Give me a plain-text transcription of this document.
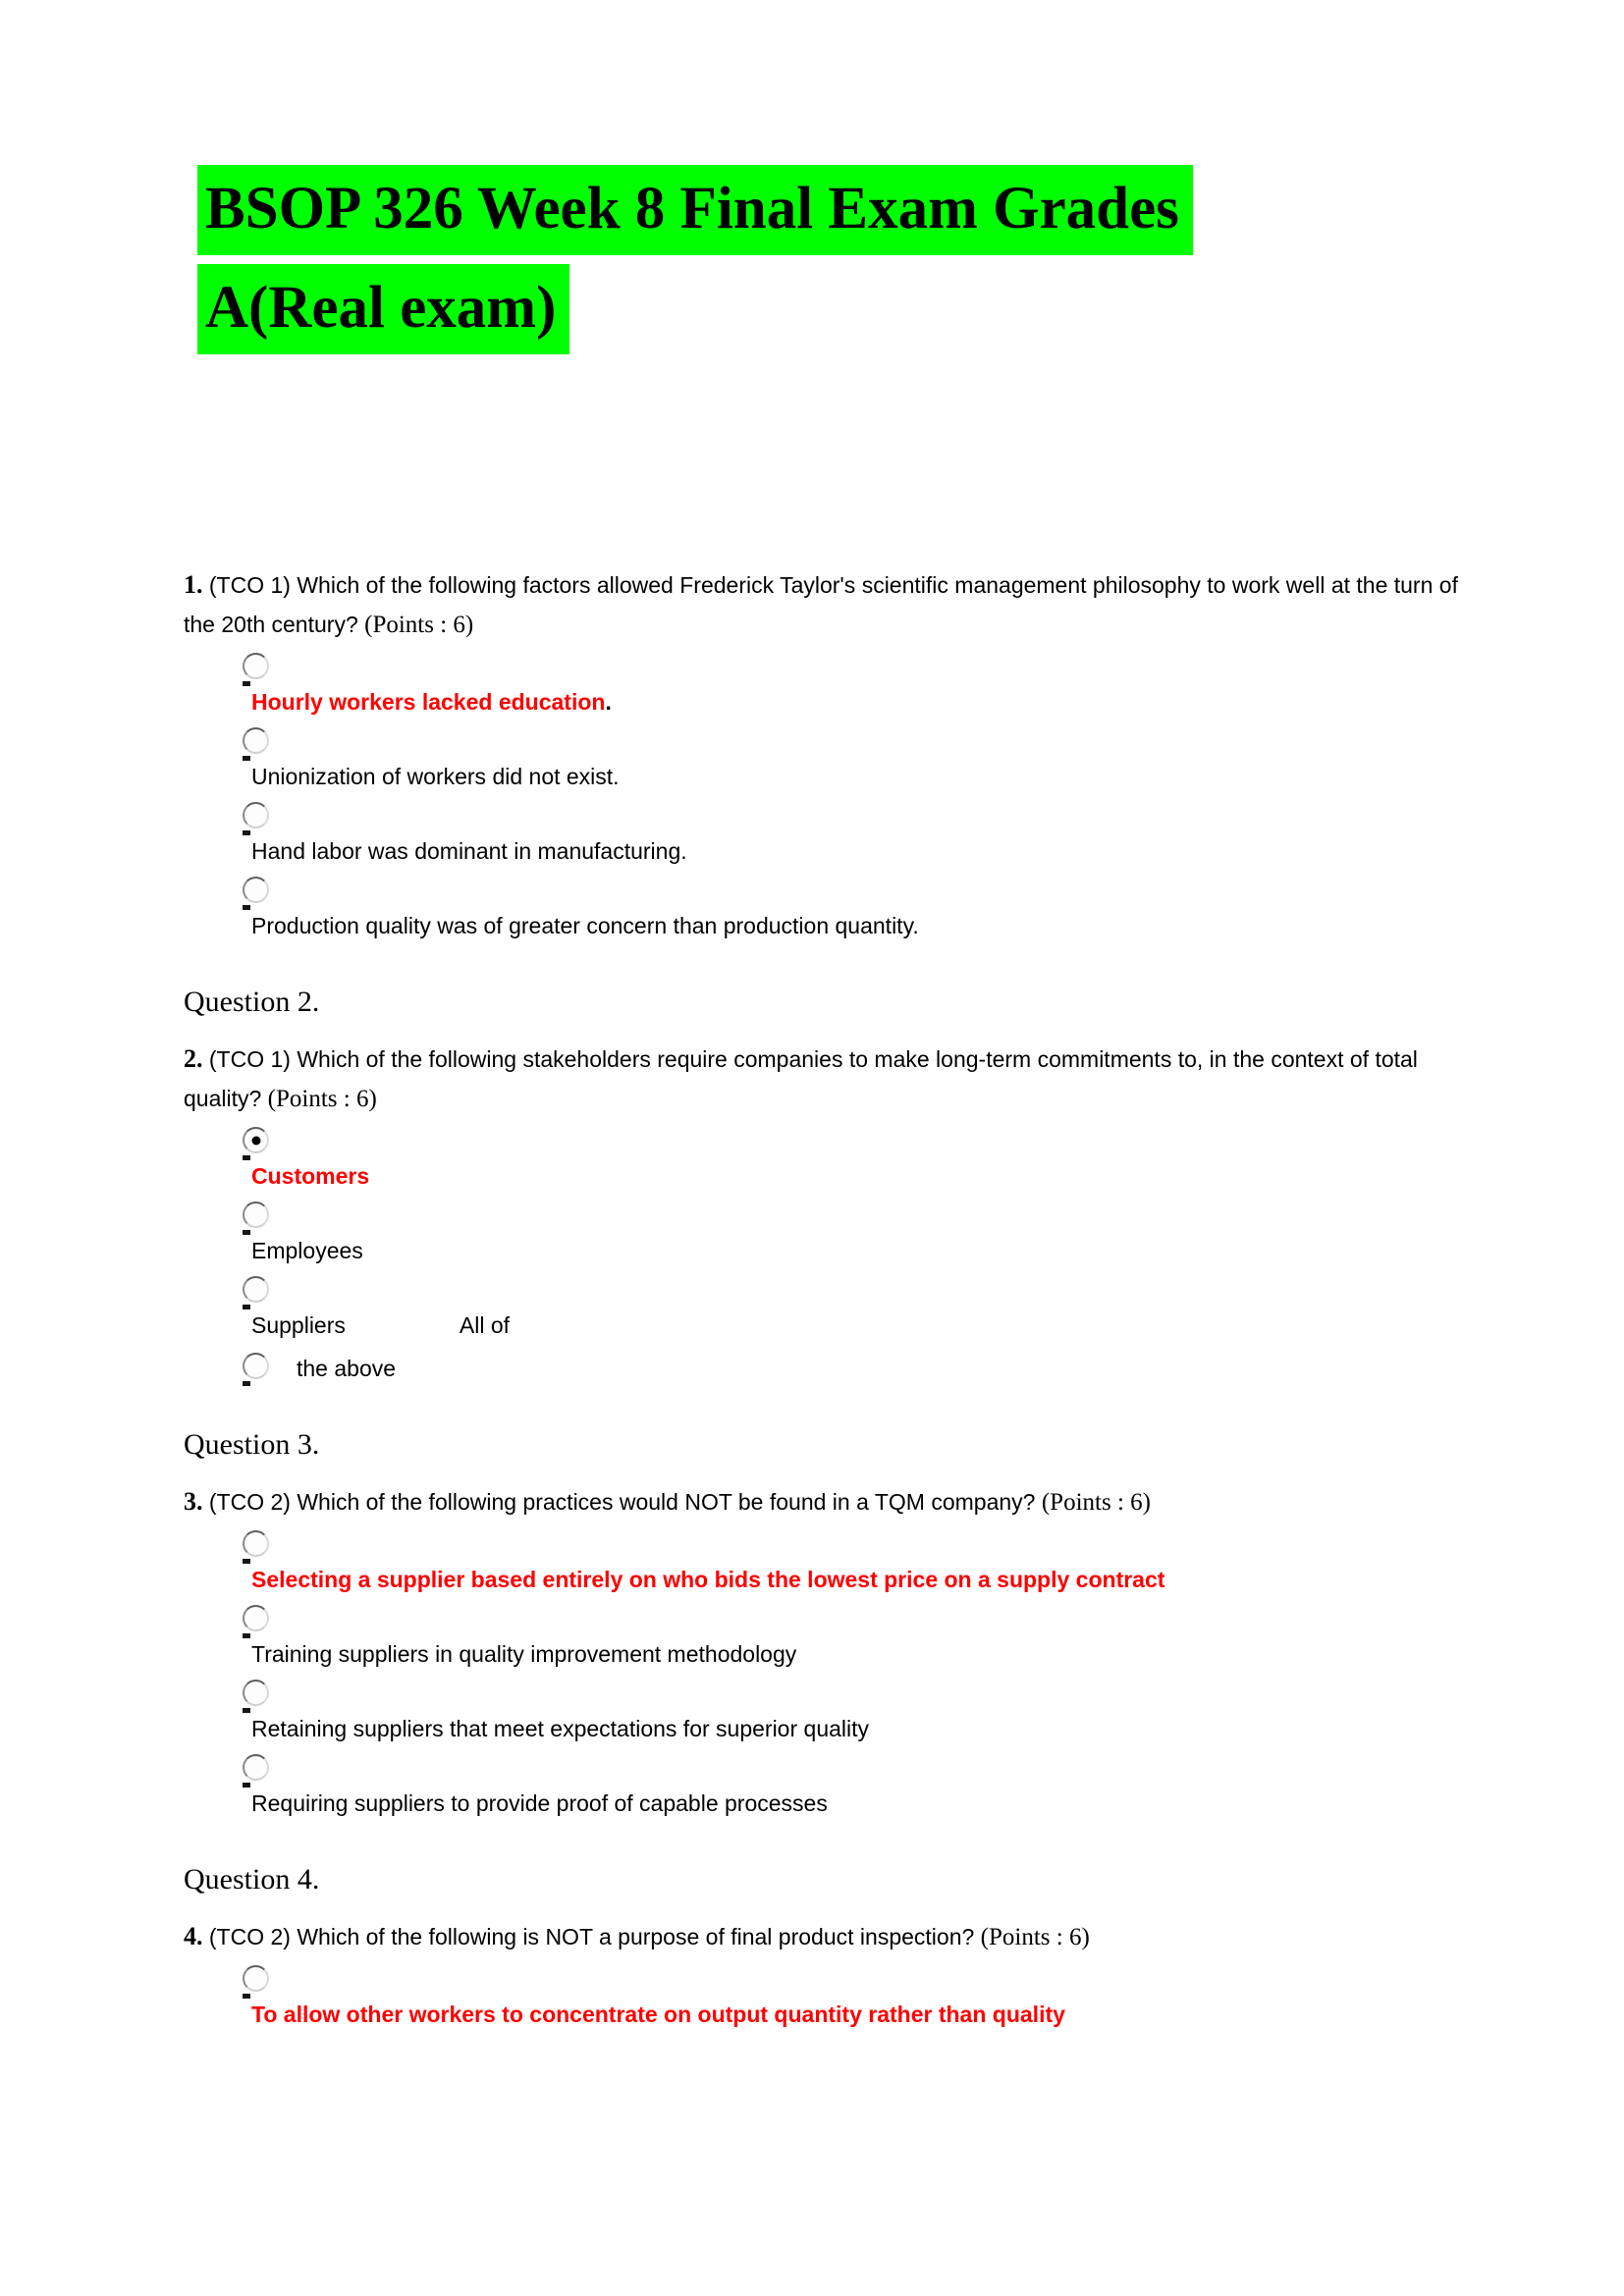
BSOP 326 Week 8 Final Exam Grades
A(Real exam)

1. (TCO 1) Which of the following factors allowed Frederick Taylor's scientific management philosophy to work well at the turn of the 20th century? (Points : 6)

Hourly workers lacked education.
Unionization of workers did not exist.
Hand labor was dominant in manufacturing.
Production quality was of greater concern than production quantity.
Question 2.

2. (TCO 1) Which of the following stakeholders require companies to make long-term commitments to, in the context of total quality? (Points : 6)

Customers
Employees
Suppliers	All of
the above
Question 3.

3. (TCO 2) Which of the following practices would NOT be found in a TQM company? (Points : 6)

Selecting a supplier based entirely on who bids the lowest price on a supply contract
Training suppliers in quality improvement methodology
Retaining suppliers that meet expectations for superior quality
Requiring suppliers to provide proof of capable processes
Question 4.

4. (TCO 2) Which of the following is NOT a purpose of final product inspection? (Points : 6)

To allow other workers to concentrate on output quantity rather than quality
